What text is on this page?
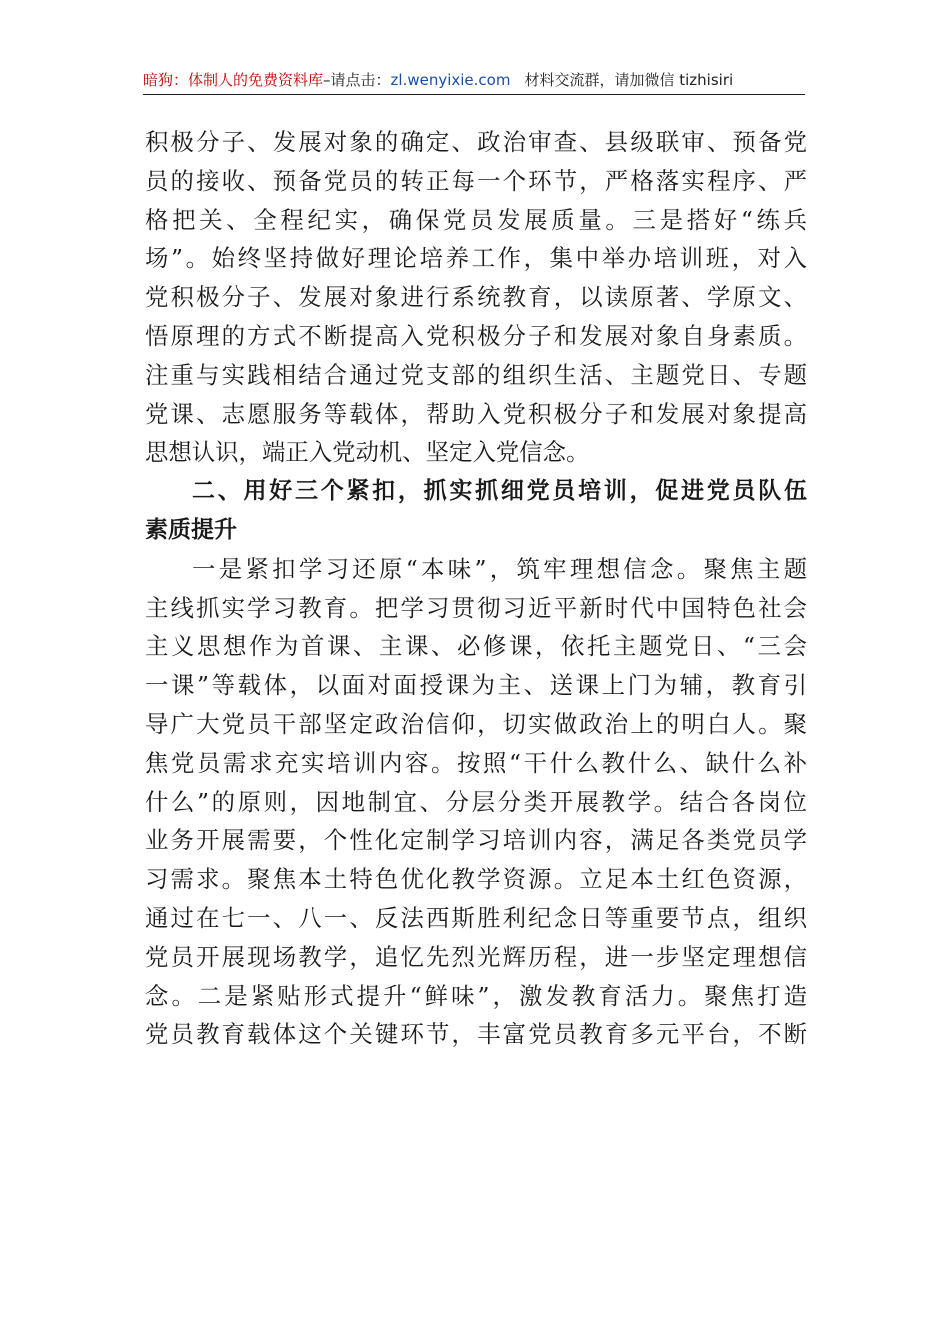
暗狗：体制人的免费资料库–请点击：zl.wenyixie.com 材料交流群，请加微信 tizhisiri
积极分子、发展对象的确定、政治审查、县级联审、预备党
员的接收、预备党员的转正每一个环节，严格落实程序、严
格把关、全程纪实，确保党员发展质量。三是搭好“练兵
场”。始终坚持做好理论培养工作，集中举办培训班，对入
党积极分子、发展对象进行系统教育，以读原著、学原文、
悟原理的方式不断提高入党积极分子和发展对象自身素质。
注重与实践相结合通过党支部的组织生活、主题党日、专题
党课、志愿服务等载体，帮助入党积极分子和发展对象提高
思想认识，端正入党动机、坚定入党信念。
二、用好三个紧扣，抓实抓细党员培训，促进党员队伍
素质提升
一是紧扣学习还原“本味”，筑牢理想信念。聚焦主题
主线抓实学习教育。把学习贯彻习近平新时代中国特色社会
主义思想作为首课、主课、必修课，依托主题党日、“三会
一课”等载体，以面对面授课为主、送课上门为辅，教育引
导广大党员干部坚定政治信仰，切实做政治上的明白人。聚
焦党员需求充实培训内容。按照“干什么教什么、缺什么补
什么”的原则，因地制宜、分层分类开展教学。结合各岗位
业务开展需要，个性化定制学习培训内容，满足各类党员学
习需求。聚焦本土特色优化教学资源。立足本土红色资源，
通过在七一、八一、反法西斯胜利纪念日等重要节点，组织
党员开展现场教学，追忆先烈光辉历程，进一步坚定理想信
念。二是紧贴形式提升“鲜味”，激发教育活力。聚焦打造
党员教育载体这个关键环节，丰富党员教育多元平台，不断
